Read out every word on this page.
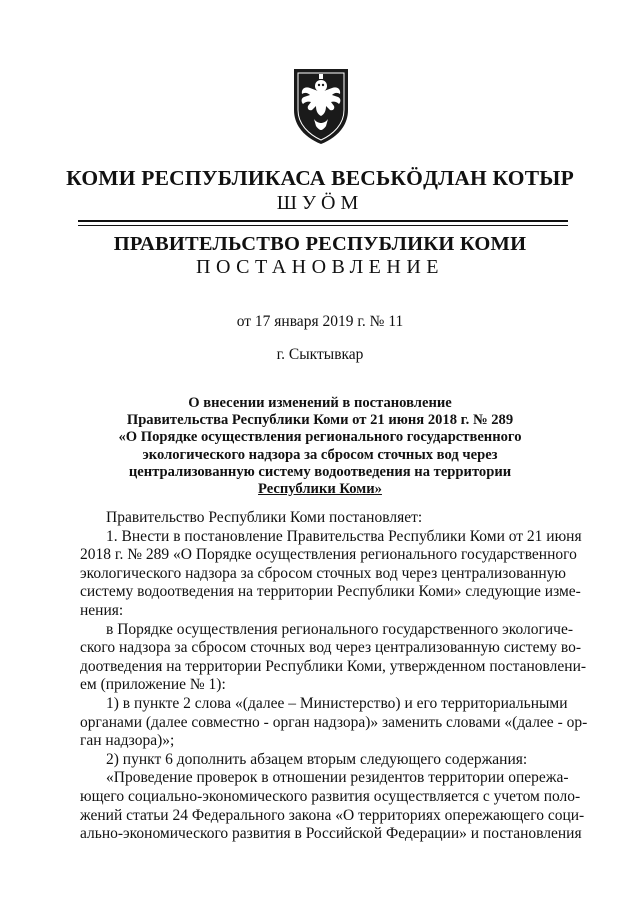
КОМИ РЕСПУБЛИКАСА ВЕСЬКӦДЛАН КОТЫР
ШУӦМ
ПРАВИТЕЛЬСТВО РЕСПУБЛИКИ КОМИ
ПОСТАНОВЛЕНИЕ
от 17 января 2019 г. № 11
г. Сыктывкар
О внесении изменений в постановление
Правительства Республики Коми от 21 июня 2018 г. № 289
«О Порядке осуществления регионального государственного
экологического надзора за сбросом сточных вод через
централизованную систему водоотведения на территории
Республики Коми»
Правительство Республики Коми постановляет:
1. Внести в постановление Правительства Республики Коми от 21 июня
2018 г. № 289 «О Порядке осуществления регионального государственного
экологического надзора за сбросом сточных вод через централизованную
систему водоотведения на территории Республики Коми» следующие изме-
нения:
в Порядке осуществления регионального государственного экологиче-
ского надзора за сбросом сточных вод через централизованную систему во-
доотведения на территории Республики Коми, утвержденном постановлени-
ем (приложение № 1):
1) в пункте 2 слова «(далее – Министерство) и его территориальными
органами (далее совместно - орган надзора)» заменить словами «(далее - ор-
ган надзора)»;
2) пункт 6 дополнить абзацем вторым следующего содержания:
«Проведение проверок в отношении резидентов территории опережа-
ющего социально-экономического развития осуществляется с учетом поло-
жений статьи 24 Федерального закона «О территориях опережающего соци-
ально-экономического развития в Российской Федерации» и постановления
